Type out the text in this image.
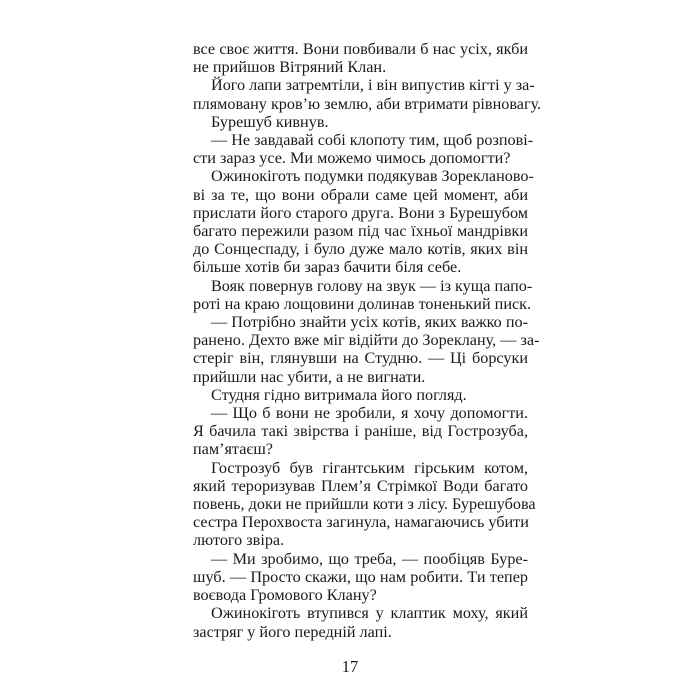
все своє життя. Вони повбивали б нас усіх, якби
не прийшов Вітряний Клан.
Його лапи затремтіли, і він випустив кігті у за-
плямовану кров’ю землю, аби втримати рівновагу.
Бурешуб кивнув.
— Не завдавай собі клопоту тим, щоб розпові-
сти зараз усе. Ми можемо чимось допомогти?
Ожинокіготь подумки подякував Зорекланово-
ві за те, що вони обрали саме цей момент, аби
прислати його старого друга. Вони з Бурешубом
багато пережили разом під час їхньої мандрівки
до Сонцеспаду, і було дуже мало котів, яких він
більше хотів би зараз бачити біля себе.
Вояк повернув голову на звук — із куща папо-
роті на краю лощовини долинав тоненький писк.
— Потрібно знайти усіх котів, яких важко по-
ранено. Дехто вже міг відійти до Зореклану, — за-
стеріг він, глянувши на Студню. — Ці борсуки
прийшли нас убити, а не вигнати.
Студня гідно витримала його погляд.
— Що б вони не зробили, я хочу допомогти.
Я бачила такі звірства і раніше, від Гострозуба,
пам’ятаєш?
Гострозуб був гігантським гірським котом,
який тероризував Плем’я Стрімкої Води багато
повень, доки не прийшли коти з лісу. Бурешубова
сестра Перохвоста загинула, намагаючись убити
лютого звіра.
— Ми зробимо, що треба, — пообіцяв Буре-
шуб. — Просто скажи, що нам робити. Ти тепер
воєвода Громового Клану?
Ожинокіготь втупився у клаптик моху, який
застряг у його передній лапі.
17
